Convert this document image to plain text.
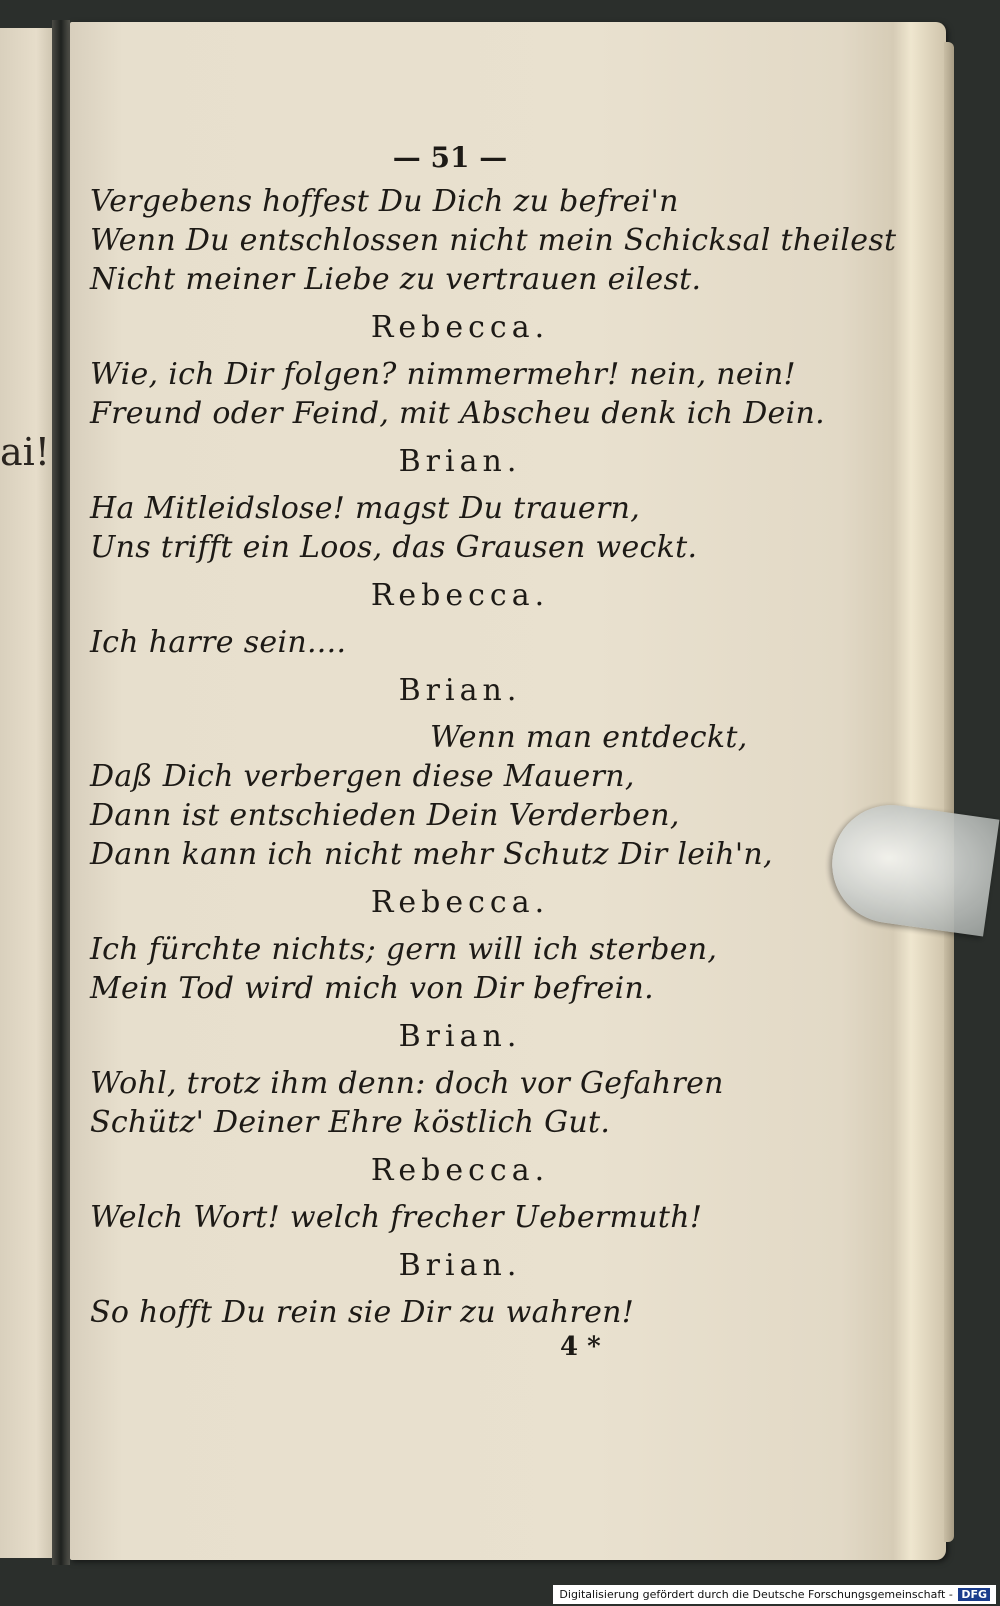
ai!
— 51 —
Vergebens hoffest Du Dich zu befrei'n
Wenn Du entschlossen nicht mein Schicksal theilest
Nicht meiner Liebe zu vertrauen eilest.
Rebecca.
Wie, ich Dir folgen? nimmermehr! nein, nein!
Freund oder Feind, mit Abscheu denk ich Dein.
Brian.
Ha Mitleidslose! magst Du trauern,
Uns trifft ein Loos, das Grausen weckt.
Rebecca.
Ich harre sein....
Brian.
Wenn man entdeckt,
Daß Dich verbergen diese Mauern,
Dann ist entschieden Dein Verderben,
Dann kann ich nicht mehr Schutz Dir leih'n,
Rebecca.
Ich fürchte nichts; gern will ich sterben,
Mein Tod wird mich von Dir befrein.
Brian.
Wohl, trotz ihm denn: doch vor Gefahren
Schütz' Deiner Ehre köstlich Gut.
Rebecca.
Welch Wort! welch frecher Uebermuth!
Brian.
So hofft Du rein sie Dir zu wahren!
4 *
Digitalisierung gefördert durch die Deutsche Forschungsgemeinschaft - DFG
